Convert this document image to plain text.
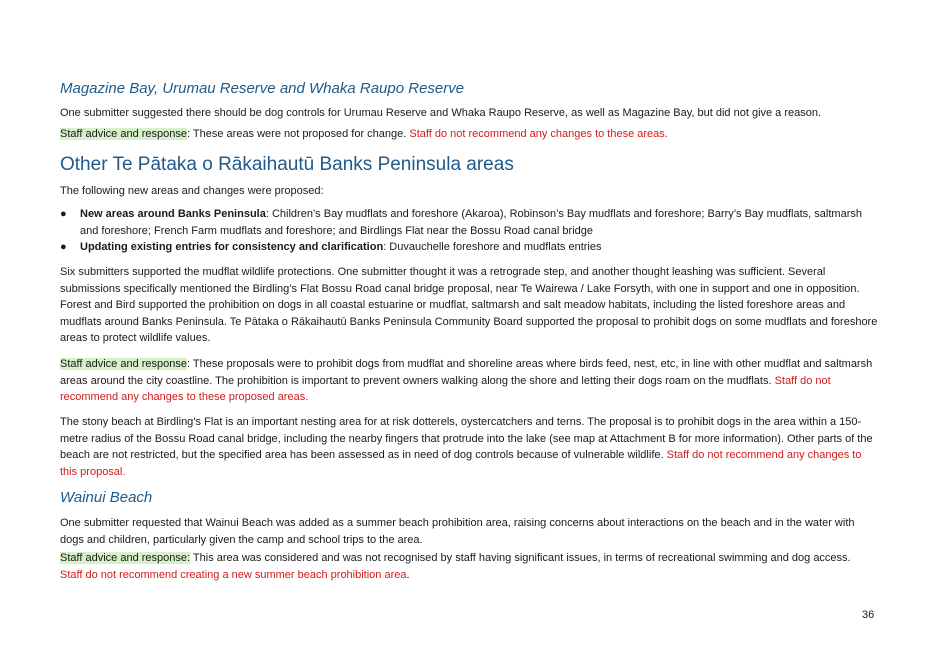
Magazine Bay, Urumau Reserve and Whaka Raupo Reserve

One submitter suggested there should be dog controls for Urumau Reserve and Whaka Raupo Reserve, as well as Magazine Bay, but did not give a reason.

Staff advice and response: These areas were not proposed for change. Staff do not recommend any changes to these areas.

Other Te Pātaka o Rākaihautū Banks Peninsula areas

The following new areas and changes were proposed:

● New areas around Banks Peninsula: Children’s Bay mudflats and foreshore (Akaroa), Robinson’s Bay mudflats and foreshore; Barry’s Bay mudflats, saltmarsh and foreshore; French Farm mudflats and foreshore; and Birdlings Flat near the Bossu Road canal bridge
● Updating existing entries for consistency and clarification: Duvauchelle foreshore and mudflats entries

Six submitters supported the mudflat wildlife protections. One submitter thought it was a retrograde step, and another thought leashing was sufficient. Several submissions specifically mentioned the Birdling’s Flat Bossu Road canal bridge proposal, near Te Wairewa / Lake Forsyth, with one in support and one in opposition. Forest and Bird supported the prohibition on dogs in all coastal estuarine or mudflat, saltmarsh and salt meadow habitats, including the listed foreshore areas and mudflats around Banks Peninsula. Te Pātaka o Rākaihautū Banks Peninsula Community Board supported the proposal to prohibit dogs on some mudflats and foreshore areas to protect wildlife values.

Staff advice and response: These proposals were to prohibit dogs from mudflat and shoreline areas where birds feed, nest, etc, in line with other mudflat and saltmarsh areas around the city coastline. The prohibition is important to prevent owners walking along the shore and letting their dogs roam on the mudflats. Staff do not recommend any changes to these proposed areas.

The stony beach at Birdling’s Flat is an important nesting area for at risk dotterels, oystercatchers and terns. The proposal is to prohibit dogs in the area within a 150-metre radius of the Bossu Road canal bridge, including the nearby fingers that protrude into the lake (see map at Attachment B for more information). Other parts of the beach are not restricted, but the specified area has been assessed as in need of dog controls because of vulnerable wildlife. Staff do not recommend any changes to this proposal.

Wainui Beach

One submitter requested that Wainui Beach was added as a summer beach prohibition area, raising concerns about interactions on the beach and in the water with dogs and children, particularly given the camp and school trips to the area.

Staff advice and response: This area was considered and was not recognised by staff having significant issues, in terms of recreational swimming and dog access.
Staff do not recommend creating a new summer beach prohibition area.

36
